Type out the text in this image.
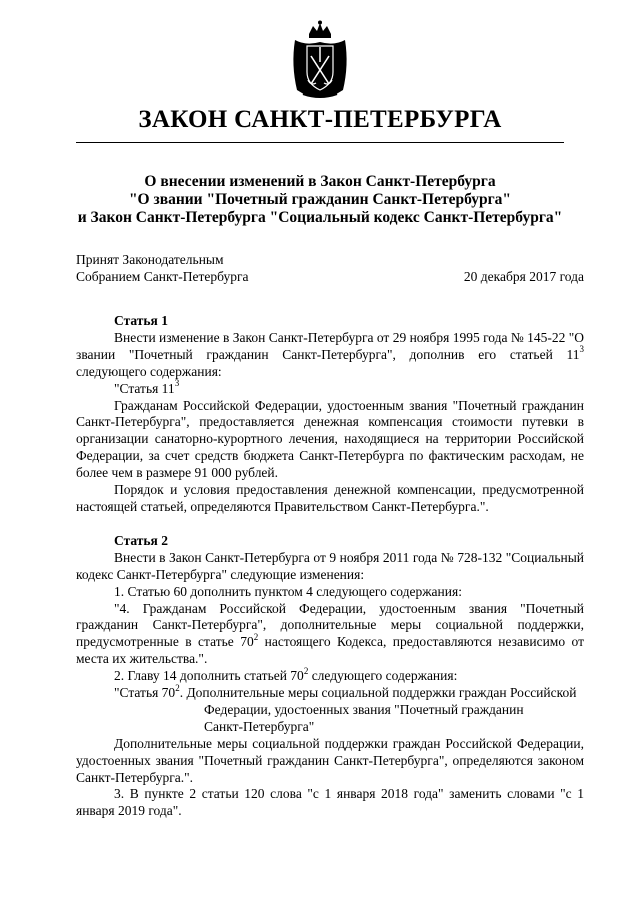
ЗАКОН САНКТ-ПЕТЕРБУРГА
О внесении изменений в Закон Санкт-Петербурга
"О звании "Почетный гражданин Санкт-Петербурга"
и Закон Санкт-Петербурга "Социальный кодекс Санкт-Петербурга"
Принят Законодательным
Собранием Санкт-Петербурга	20 декабря 2017 года

Статья 1

Внести изменение в Закон Санкт-Петербурга от 29 ноября 1995 года № 145-22 "О звании "Почетный гражданин Санкт-Петербурга", дополнив его статьей $11^3$ следующего содержания:

"Статья $11^3$

Гражданам Российской Федерации, удостоенным звания "Почетный гражданин Санкт-Петербурга", предоставляется денежная компенсация стоимости путевки в организации санаторно-курортного лечения, находящиеся на территории Российской Федерации, за счет средств бюджета Санкт-Петербурга по фактическим расходам, не более чем в размере 91 000 рублей.

Порядок и условия предоставления денежной компенсации, предусмотренной настоящей статьей, определяются Правительством Санкт-Петербурга.".

Статья 2

Внести в Закон Санкт-Петербурга от 9 ноября 2011 года № 728-132 "Социальный кодекс Санкт-Петербурга" следующие изменения:

1. Статью 60 дополнить пунктом 4 следующего содержания:

"4. Гражданам Российской Федерации, удостоенным звания "Почетный гражданин Санкт-Петербурга", дополнительные меры социальной поддержки, предусмотренные в статье $70^2$ настоящего Кодекса, предоставляются независимо от места их жительства.".

2. Главу 14 дополнить статьей $70^2$ следующего содержания:

"Статья $70^2$. Дополнительные меры социальной поддержки граждан Российской

Федерации, удостоенных звания "Почетный гражданин

Санкт-Петербурга"

Дополнительные меры социальной поддержки граждан Российской Федерации, удостоенных звания "Почетный гражданин Санкт-Петербурга", определяются законом Санкт-Петербурга.".

3. В пункте 2 статьи 120 слова "с 1 января 2018 года" заменить словами "с 1 января 2019 года".
